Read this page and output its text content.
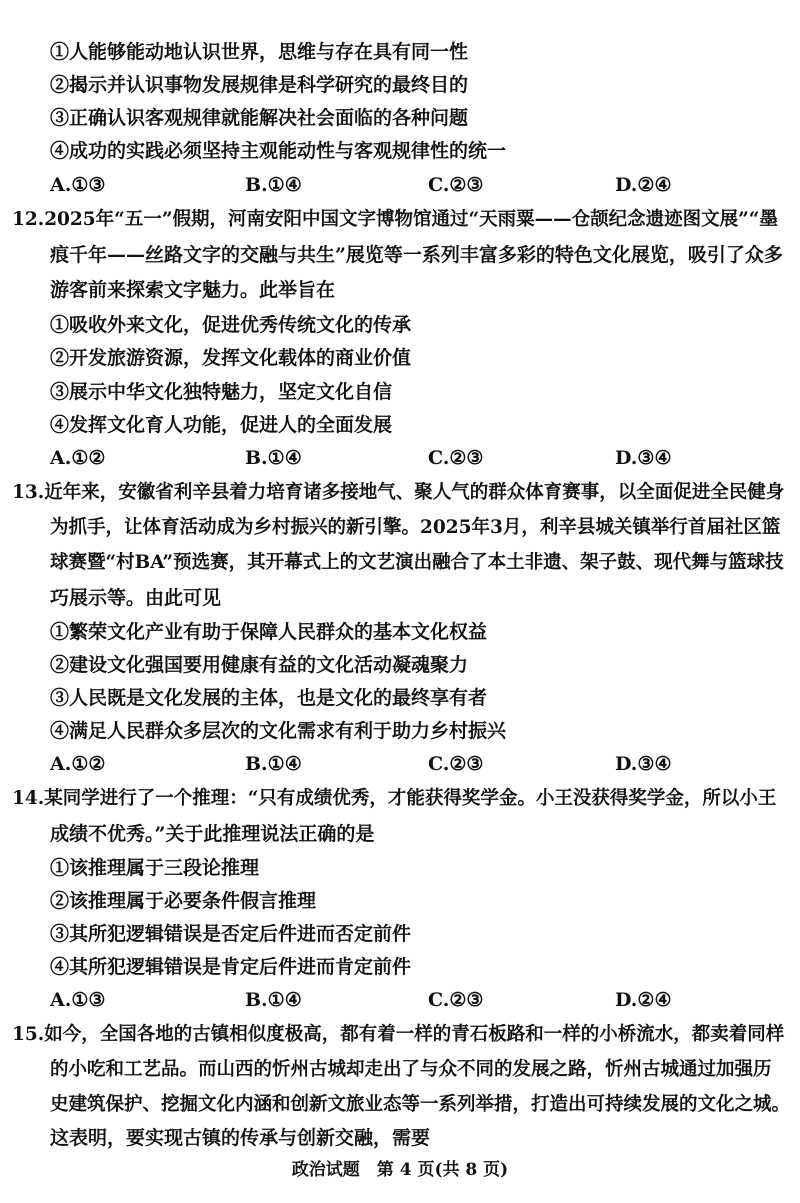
①人能够能动地认识世界，思维与存在具有同一性
②揭示并认识事物发展规律是科学研究的最终目的
③正确认识客观规律就能解决社会面临的各种问题
④成功的实践必须坚持主观能动性与客观规律性的统一
A.①③	B.①④	C.②③	D.②④
12.2025年“五一”假期，河南安阳中国文字博物馆通过“天雨粟——仓颉纪念遗迹图文展”“墨
痕千年——丝路文字的交融与共生”展览等一系列丰富多彩的特色文化展览，吸引了众多
游客前来探索文字魅力。此举旨在
①吸收外来文化，促进优秀传统文化的传承
②开发旅游资源，发挥文化载体的商业价值
③展示中华文化独特魅力，坚定文化自信
④发挥文化育人功能，促进人的全面发展
A.①②	B.①④	C.②③	D.③④
13.近年来，安徽省利辛县着力培育诸多接地气、聚人气的群众体育赛事，以全面促进全民健身
为抓手，让体育活动成为乡村振兴的新引擎。2025年3月，利辛县城关镇举行首届社区篮
球赛暨“村BA”预选赛，其开幕式上的文艺演出融合了本土非遗、架子鼓、现代舞与篮球技
巧展示等。由此可见
①繁荣文化产业有助于保障人民群众的基本文化权益
②建设文化强国要用健康有益的文化活动凝魂聚力
③人民既是文化发展的主体，也是文化的最终享有者
④满足人民群众多层次的文化需求有利于助力乡村振兴
A.①②	B.①④	C.②③	D.③④
14.某同学进行了一个推理：“只有成绩优秀，才能获得奖学金。小王没获得奖学金，所以小王
成绩不优秀。”关于此推理说法正确的是
①该推理属于三段论推理
②该推理属于必要条件假言推理
③其所犯逻辑错误是否定后件进而否定前件
④其所犯逻辑错误是肯定后件进而肯定前件
A.①③	B.①④	C.②③	D.②④
15.如今，全国各地的古镇相似度极高，都有着一样的青石板路和一样的小桥流水，都卖着同样
的小吃和工艺品。而山西的忻州古城却走出了与众不同的发展之路，忻州古城通过加强历
史建筑保护、挖掘文化内涵和创新文旅业态等一系列举措，打造出可持续发展的文化之城。
这表明，要实现古镇的传承与创新交融，需要
政治试题　第 4 页(共 8 页)
